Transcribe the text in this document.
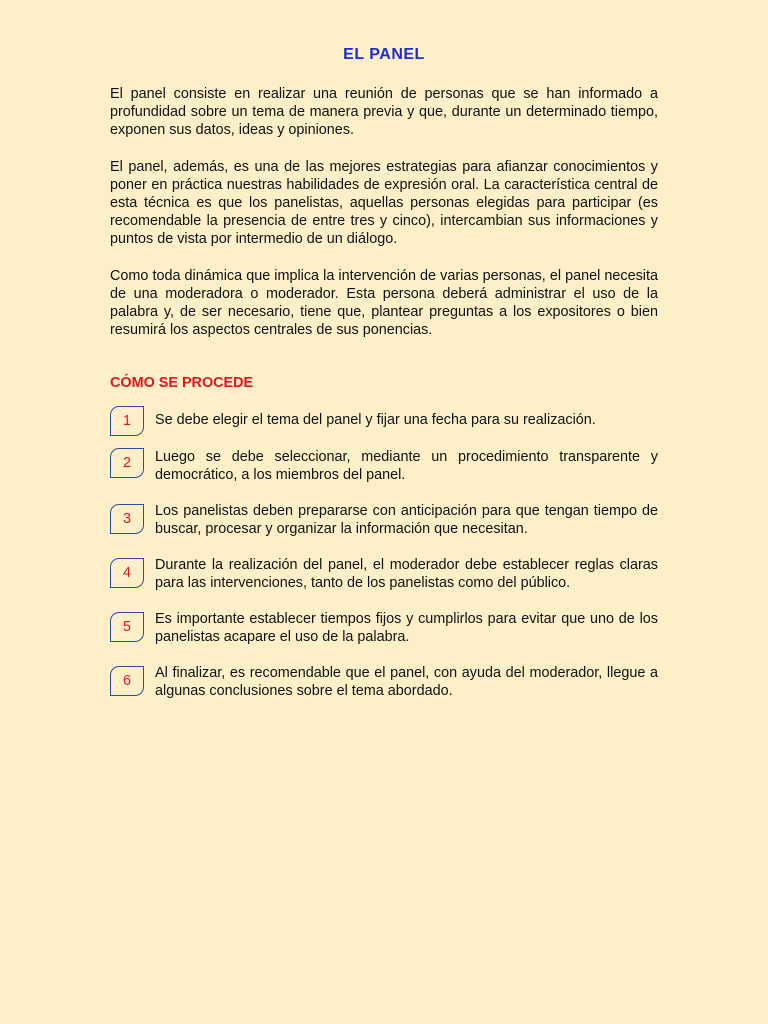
EL PANEL

El panel consiste en realizar una reunión de personas que se han informado a profundidad sobre un tema de manera previa y que, durante un determinado tiempo, exponen sus datos, ideas y opiniones.

El panel, además, es una de las mejores estrategias para afianzar conocimientos y poner en práctica nuestras habilidades de expresión oral. La característica central de esta técnica es que los panelistas, aquellas personas elegidas para participar (es recomendable la presencia de entre tres y cinco), intercambian sus informaciones y puntos de vista por intermedio de un diálogo.

Como toda dinámica que implica la intervención de varias personas, el panel necesita de una moderadora o moderador. Esta persona deberá administrar el uso de la palabra y, de ser necesario, tiene que, plantear preguntas a los expositores o bien resumirá los aspectos centrales de sus ponencias.

CÓMO SE PROCEDE
1	Se debe elegir el tema del panel y fijar una fecha para su realización.

2	Luego se debe seleccionar, mediante un procedimiento transparente y democrático, a los miembros del panel.

3	Los panelistas deben prepararse con anticipación para que tengan tiempo de buscar, procesar y organizar la información que necesitan.

4	Durante la realización del panel, el moderador debe establecer reglas claras para las intervenciones, tanto de los panelistas como del público.

5	Es importante establecer tiempos fijos y cumplirlos para evitar que uno de los panelistas acapare el uso de la palabra.

6	Al finalizar, es recomendable que el panel, con ayuda del moderador, llegue a algunas conclusiones sobre el tema abordado.
